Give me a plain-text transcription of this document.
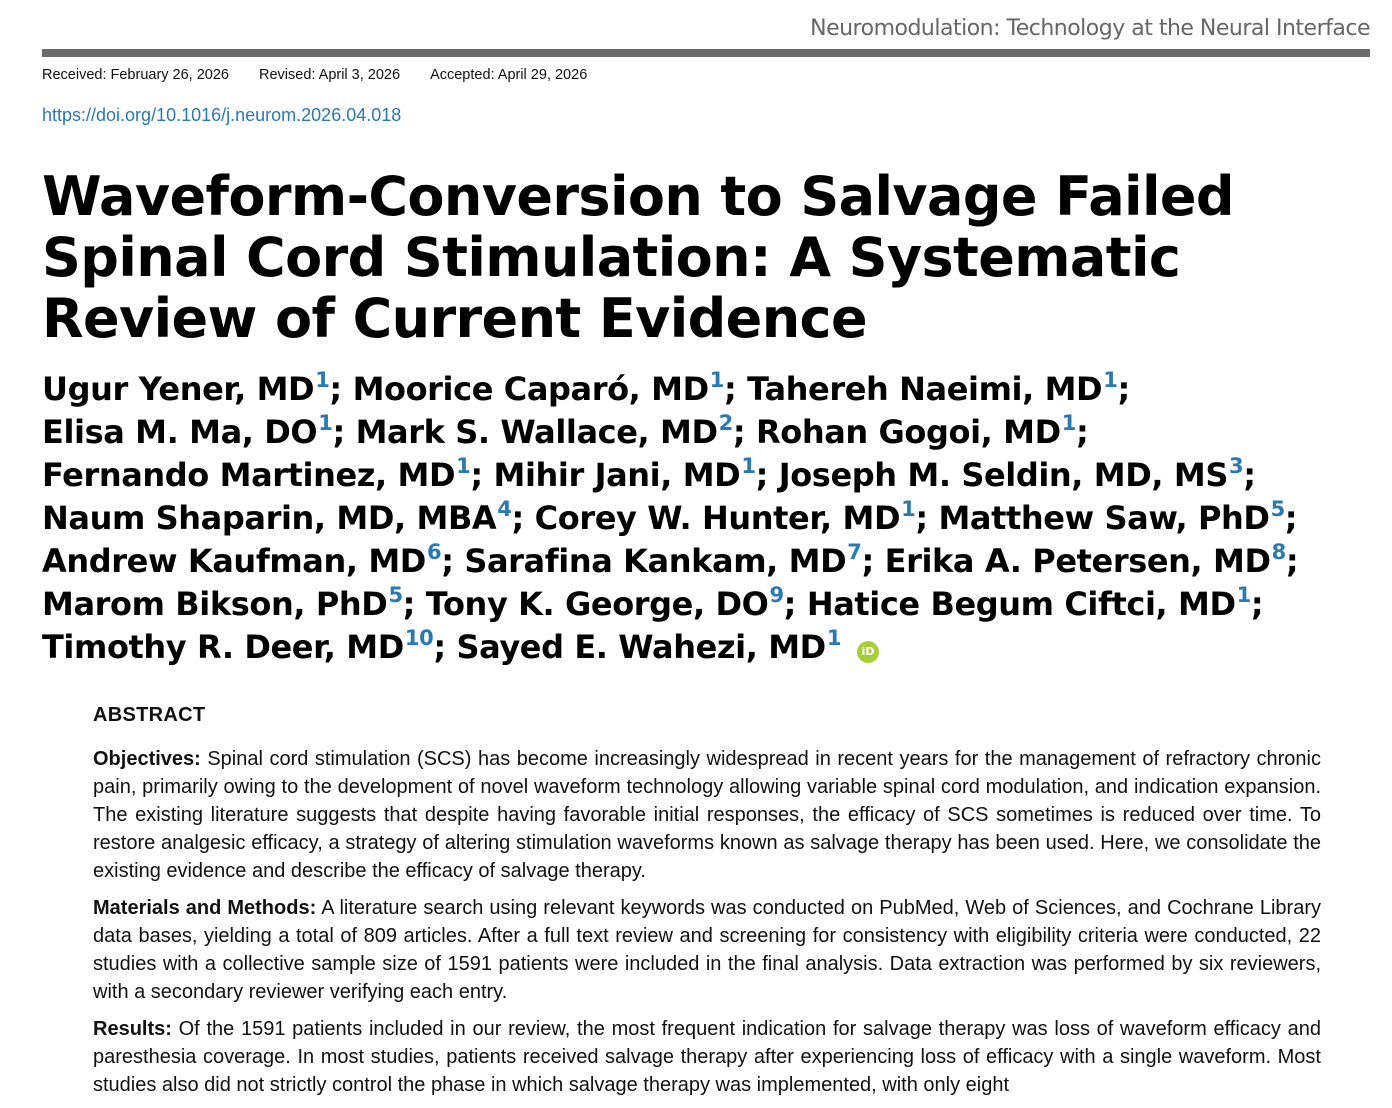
Neuromodulation: Technology at the Neural Interface
Received: February 26, 2026 Revised: April 3, 2026 Accepted: April 29, 2026
https://doi.org/10.1016/j.neurom.2026.04.018
Waveform-Conversion to Salvage Failed Spinal Cord Stimulation: A Systematic Review of Current Evidence
Ugur Yener, $MD^1$; Moorice Caparó, $MD^1$; Tahereh Naeimi, $MD^1$;
Elisa M. Ma, $DO^1$; Mark S. Wallace, $MD^2$; Rohan Gogoi, $MD^1$;
Fernando Martinez, $MD^1$; Mihir Jani, $MD^1$; Joseph M. Seldin, MD, $MS^3$;
Naum Shaparin, MD, MBA$^4$; Corey W. Hunter, $MD^1$; Matthew Saw, PhD$^5$;
Andrew Kaufman, $MD^6$; Sarafina Kankam, $MD^7$; Erika A. Petersen, $MD^8$;
Marom Bikson, PhD$^5$; Tony K. George, $DO^9$; Hatice Begum Ciftci, $MD^1$;
Timothy R. Deer, MD$^{10}$; Sayed E. Wahezi, $MD^1iD$
ABSTRACT

Objectives: Spinal cord stimulation (SCS) has become increasingly widespread in recent years for the management of refractory chronic pain, primarily owing to the development of novel waveform technology allowing variable spinal cord modulation, and indication expansion. The existing literature suggests that despite having favorable initial responses, the efficacy of SCS sometimes is reduced over time. To restore analgesic efficacy, a strategy of altering stimulation waveforms known as salvage therapy has been used. Here, we consolidate the existing evidence and describe the efficacy of salvage therapy.

Materials and Methods: A literature search using relevant keywords was conducted on PubMed, Web of Sciences, and Cochrane Library data bases, yielding a total of 809 articles. After a full text review and screening for consistency with eligibility criteria were conducted, 22 studies with a collective sample size of 1591 patients were included in the final analysis. Data extraction was performed by six reviewers, with a secondary reviewer verifying each entry.

Results: Of the 1591 patients included in our review, the most frequent indication for salvage therapy was loss of waveform efficacy and paresthesia coverage. In most studies, patients received salvage therapy after experiencing loss of efficacy with a single waveform. Most studies also did not strictly control the phase in which salvage therapy was implemented, with only eight
